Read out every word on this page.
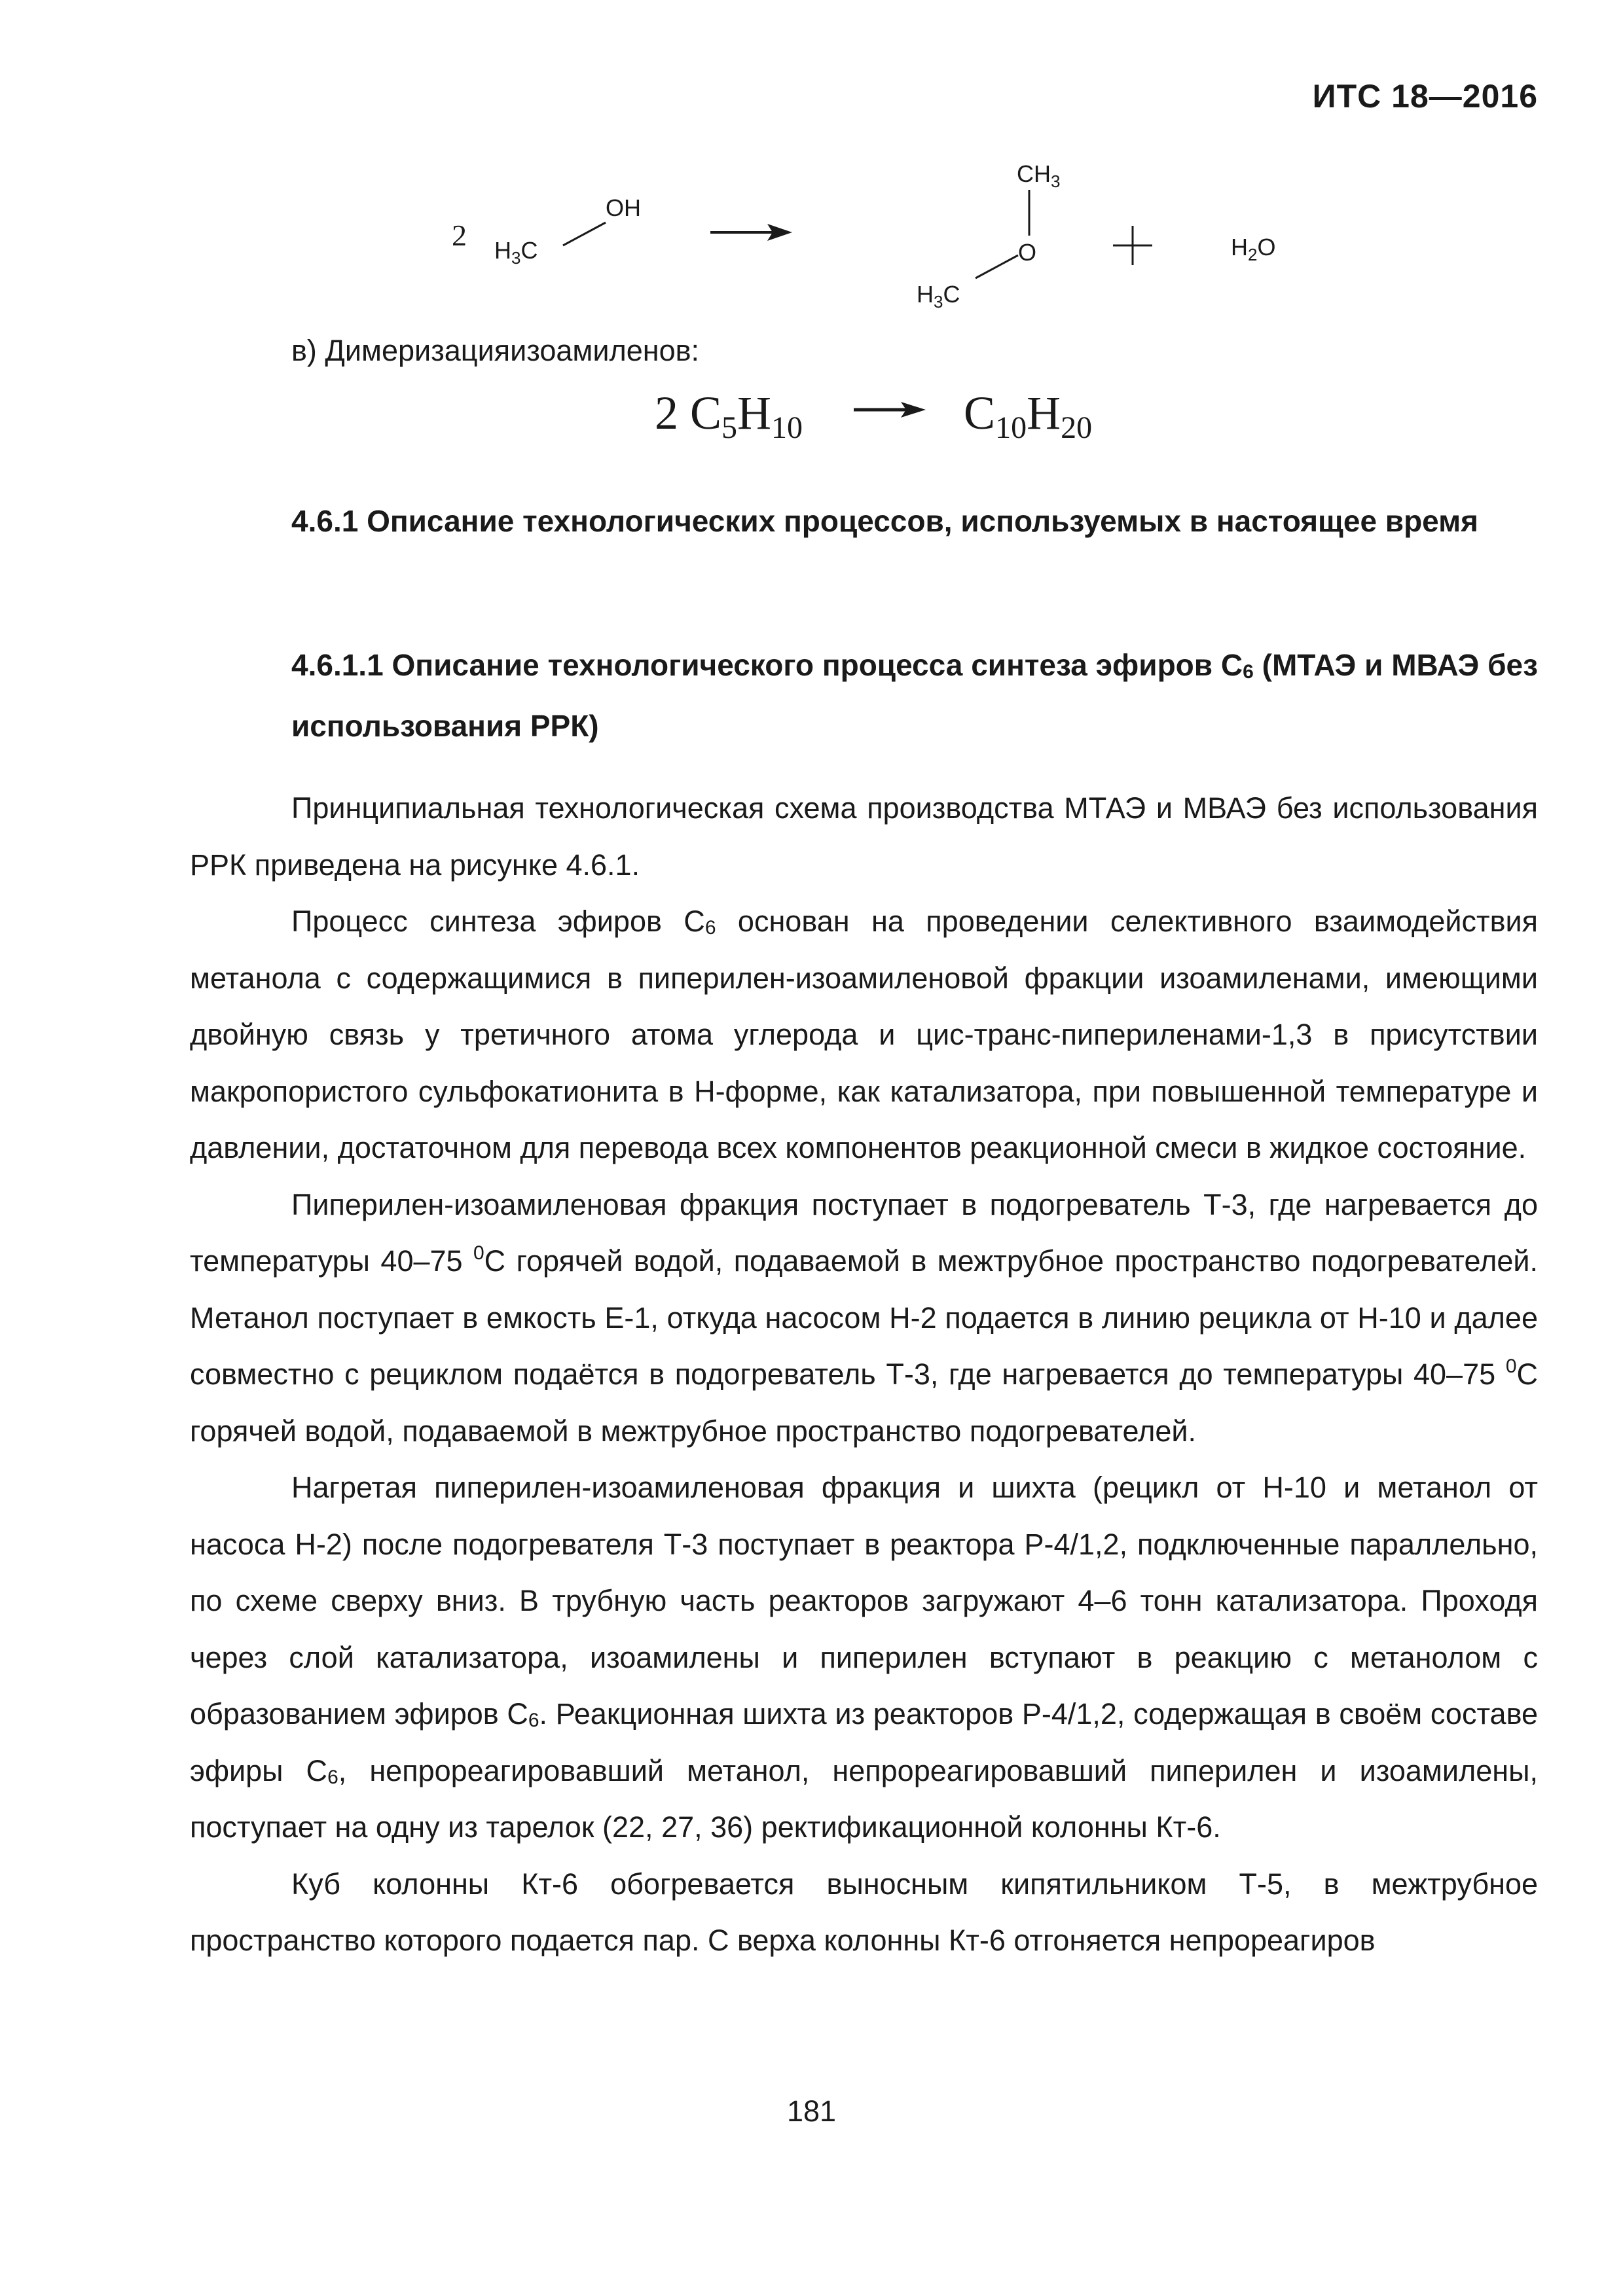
ИТС 18—2016
2 $H_3C$
OH
$CH_3$
O
$H_3C$
$H_2O$
в) Димеризацияизоамиленов:
2 $C_5H_{10}$	$C_{10}H_{20}$
4.6.1 Описание технологических процессов, используемых в настоящее время
4.6.1.1 Описание технологического процесса синтеза эфиров $С_6$ (МТАЭ и МВАЭ без использования РРК)

Принципиальная технологическая схема производства МТАЭ и МВАЭ без использования РРК приведена на рисунке 4.6.1.

Процесс синтеза эфиров $С_6$ основан на проведении селективного взаимодействия метанола с содержащимися в пиперилен-изоамиленовой фракции изоамиленами, имеющими двойную связь у третичного атома углерода и цис-транс-пипериленами-1,3 в присутствии макропористого сульфокатионита в Н-форме, как катализатора, при повышенной температуре и давлении, достаточном для перевода всех компонентов реакционной смеси в жидкое состояние.

Пиперилен-изоамиленовая фракция поступает в подогреватель Т-3, где нагревается до температуры 40–75 $^0$С горячей водой, подаваемой в межтрубное пространство подогревателей. Метанол поступает в емкость Е-1, откуда насосом Н-2 подается в линию рецикла от Н-10 и далее совместно с рециклом подаётся в подогреватель Т-3, где нагревается до температуры 40–75 $^0$С горячей водой, подаваемой в межтрубное пространство подогревателей.

Нагретая пиперилен-изоамиленовая фракция и шихта (рецикл от Н-10 и метанол от насоса Н-2) после подогревателя Т-3 поступает в реактора Р-4/1,2, подключенные параллельно, по схеме сверху вниз. В трубную часть реакторов загружают 4–6 тонн катализатора. Проходя через слой катализатора, изоамилены и пиперилен вступают в реакцию с метанолом с образованием эфиров $С_6$. Реакционная шихта из реакторов Р-4/1,2, содержащая в своём составе эфиры $С_6$, непрореагировавший метанол, непрореагировавший пиперилен и изоамилены, поступает на одну из тарелок (22, 27, 36) ректификационной колонны Кт-6.

Куб колонны Кт-6 обогревается выносным кипятильником Т-5, в межтрубное пространство которого подается пар. С верха колонны Кт-6 отгоняется непрореагиров

181
